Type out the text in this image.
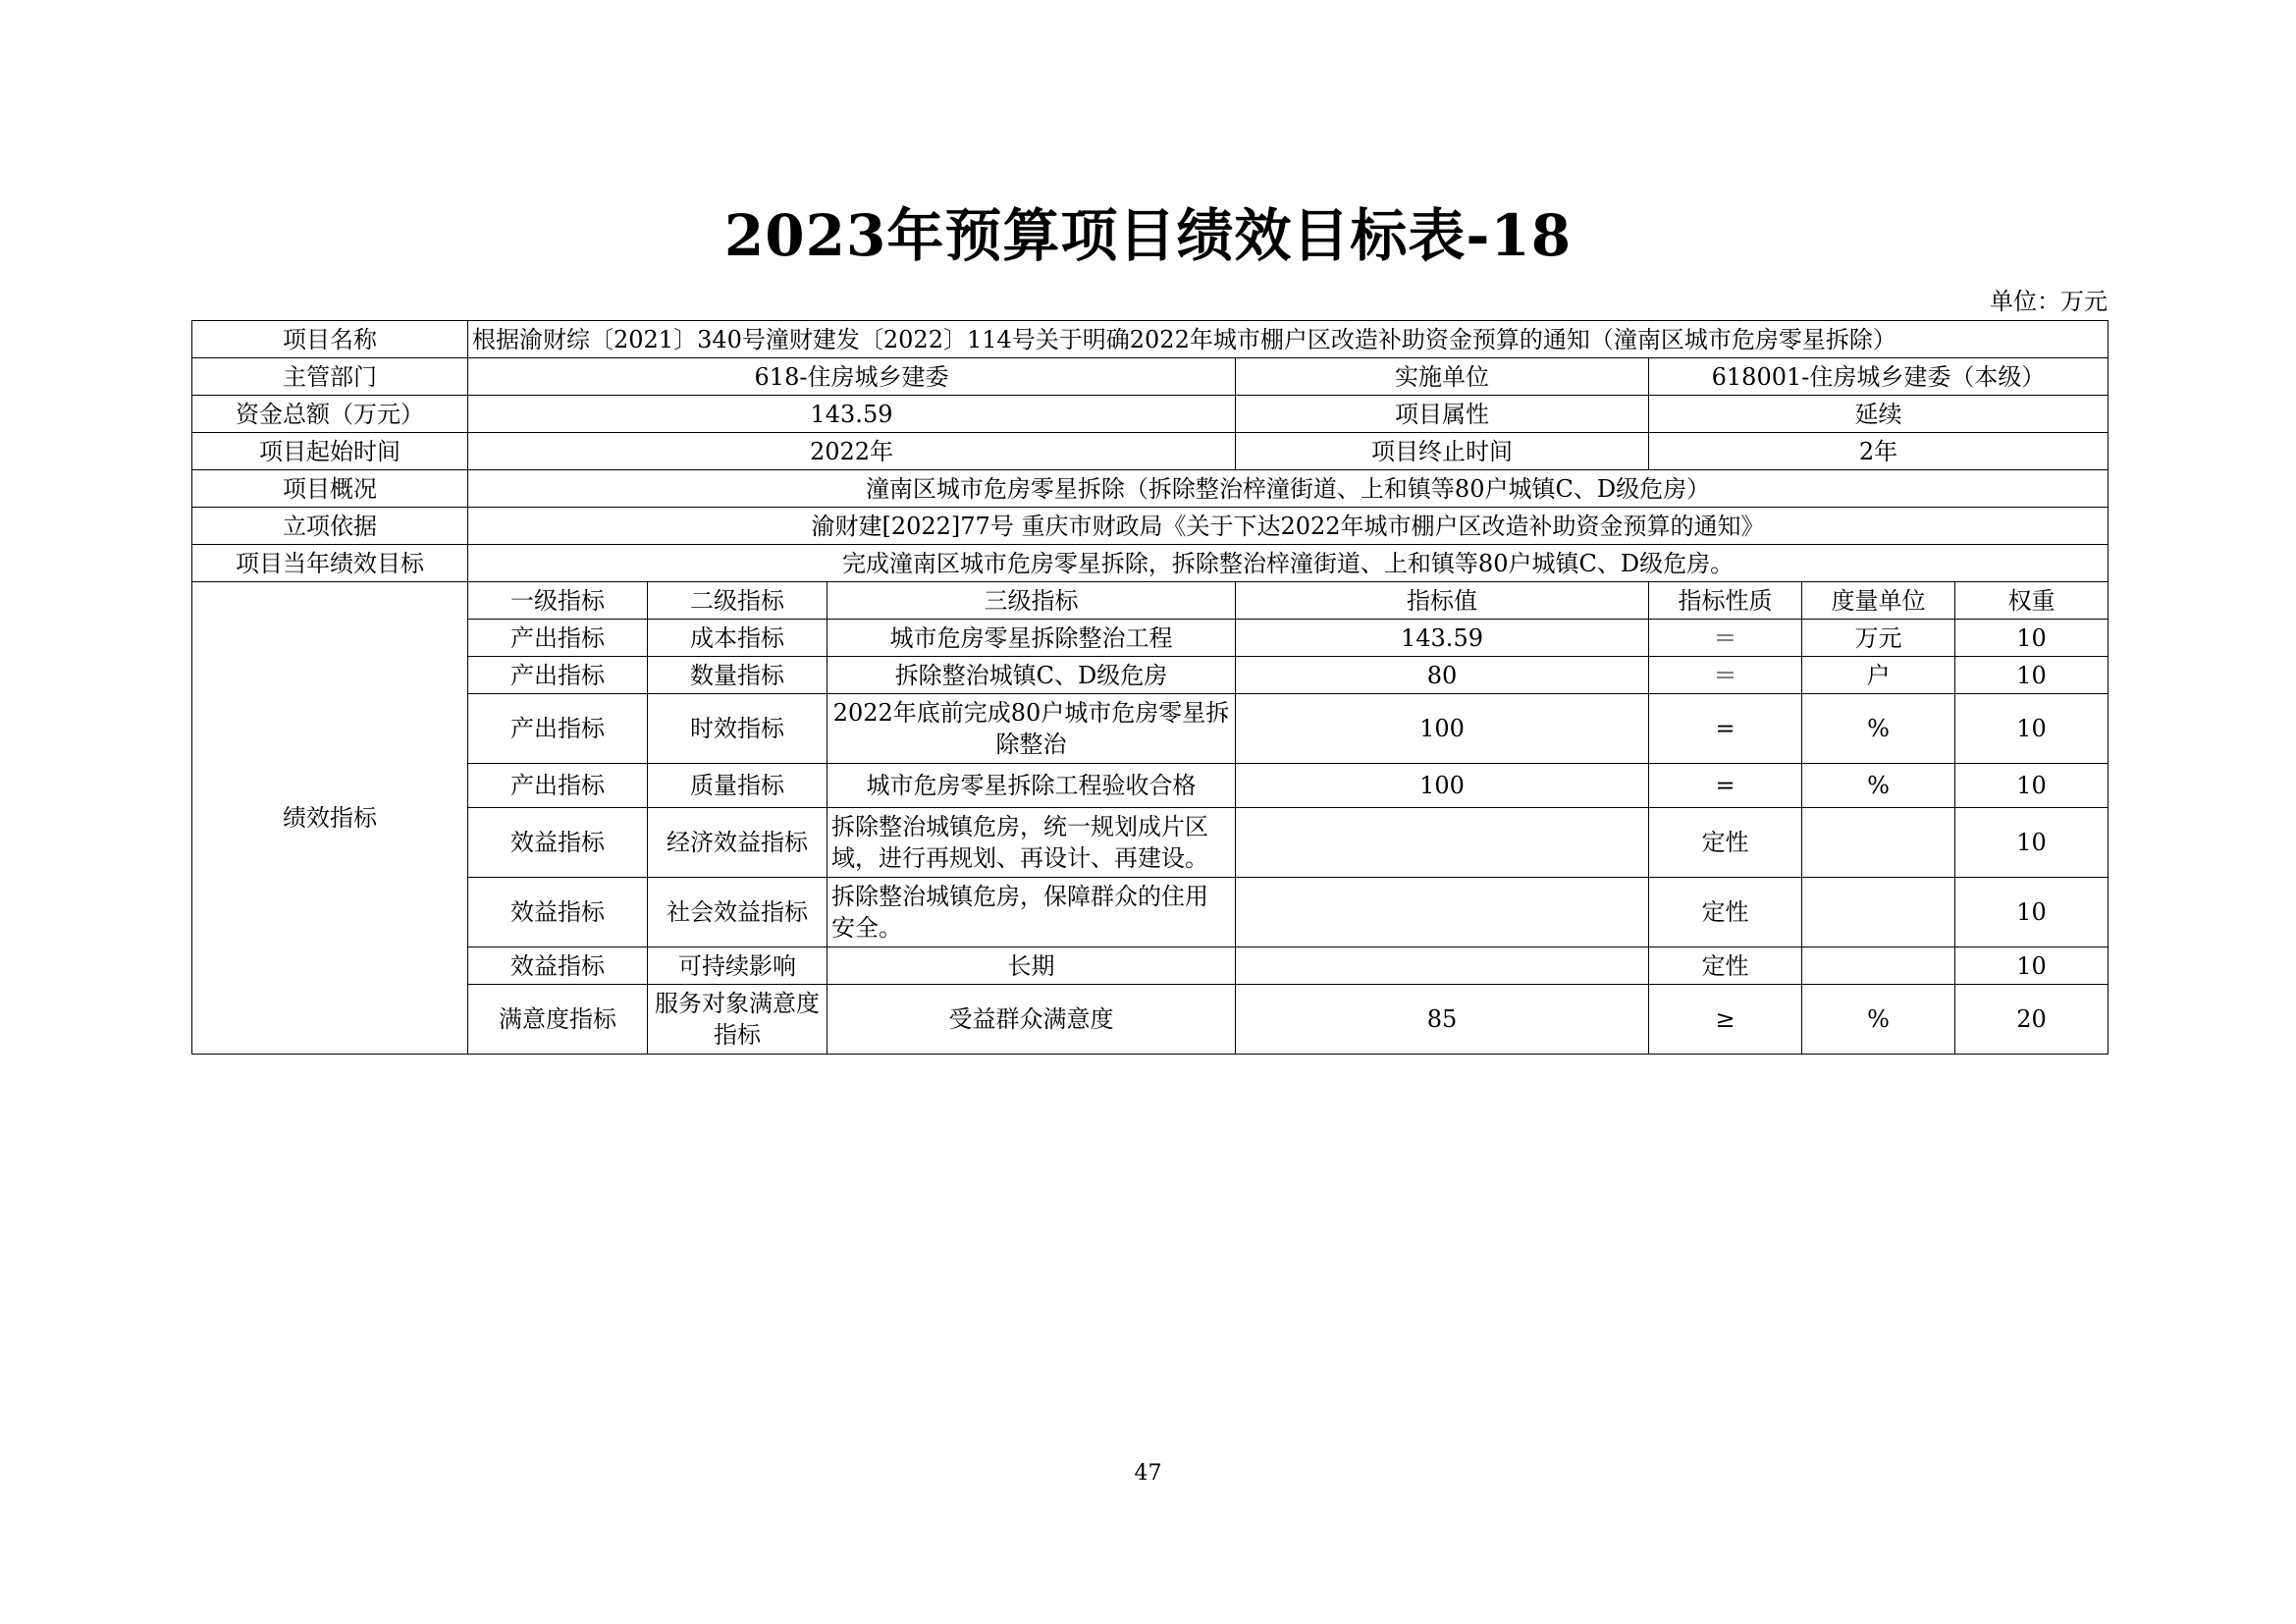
2023年预算项目绩效目标表-18
单位：万元
项目名称	根据渝财综〔2021〕340号潼财建发〔2022〕114号关于明确2022年城市棚户区改造补助资金预算的通知（潼南区城市危房零星拆除）						
主管部门	618-住房城乡建委			实施单位	618001-住房城乡建委（本级）		
资金总额（万元）	143.59			项目属性	延续		
项目起始时间	2022年			项目终止时间	2年		
项目概况	潼南区城市危房零星拆除（拆除整治梓潼街道、上和镇等80户城镇C、D级危房）						
立项依据	渝财建[2022]77号 重庆市财政局《关于下达2022年城市棚户区改造补助资金预算的通知》						
项目当年绩效目标	完成潼南区城市危房零星拆除，拆除整治梓潼街道、上和镇等80户城镇C、D级危房。						
绩效指标	一级指标	二级指标	三级指标	指标值	指标性质	度量单位	权重
	产出指标	成本指标	城市危房零星拆除整治工程	143.59	＝	万元	10
	产出指标	数量指标	拆除整治城镇C、D级危房	80	＝	户	10
	产出指标	时效指标	2022年底前完成80户城市危房零星拆除整治	100	=	%	10
	产出指标	质量指标	城市危房零星拆除工程验收合格	100	=	%	10
	效益指标	经济效益指标	拆除整治城镇危房，统一规划成片区域，进行再规划、再设计、再建设。		定性		10
	效益指标	社会效益指标	拆除整治城镇危房，保障群众的住用安全。		定性		10
	效益指标	可持续影响	长期		定性		10
	满意度指标	服务对象满意度指标	受益群众满意度	85	≥	%	20
47
